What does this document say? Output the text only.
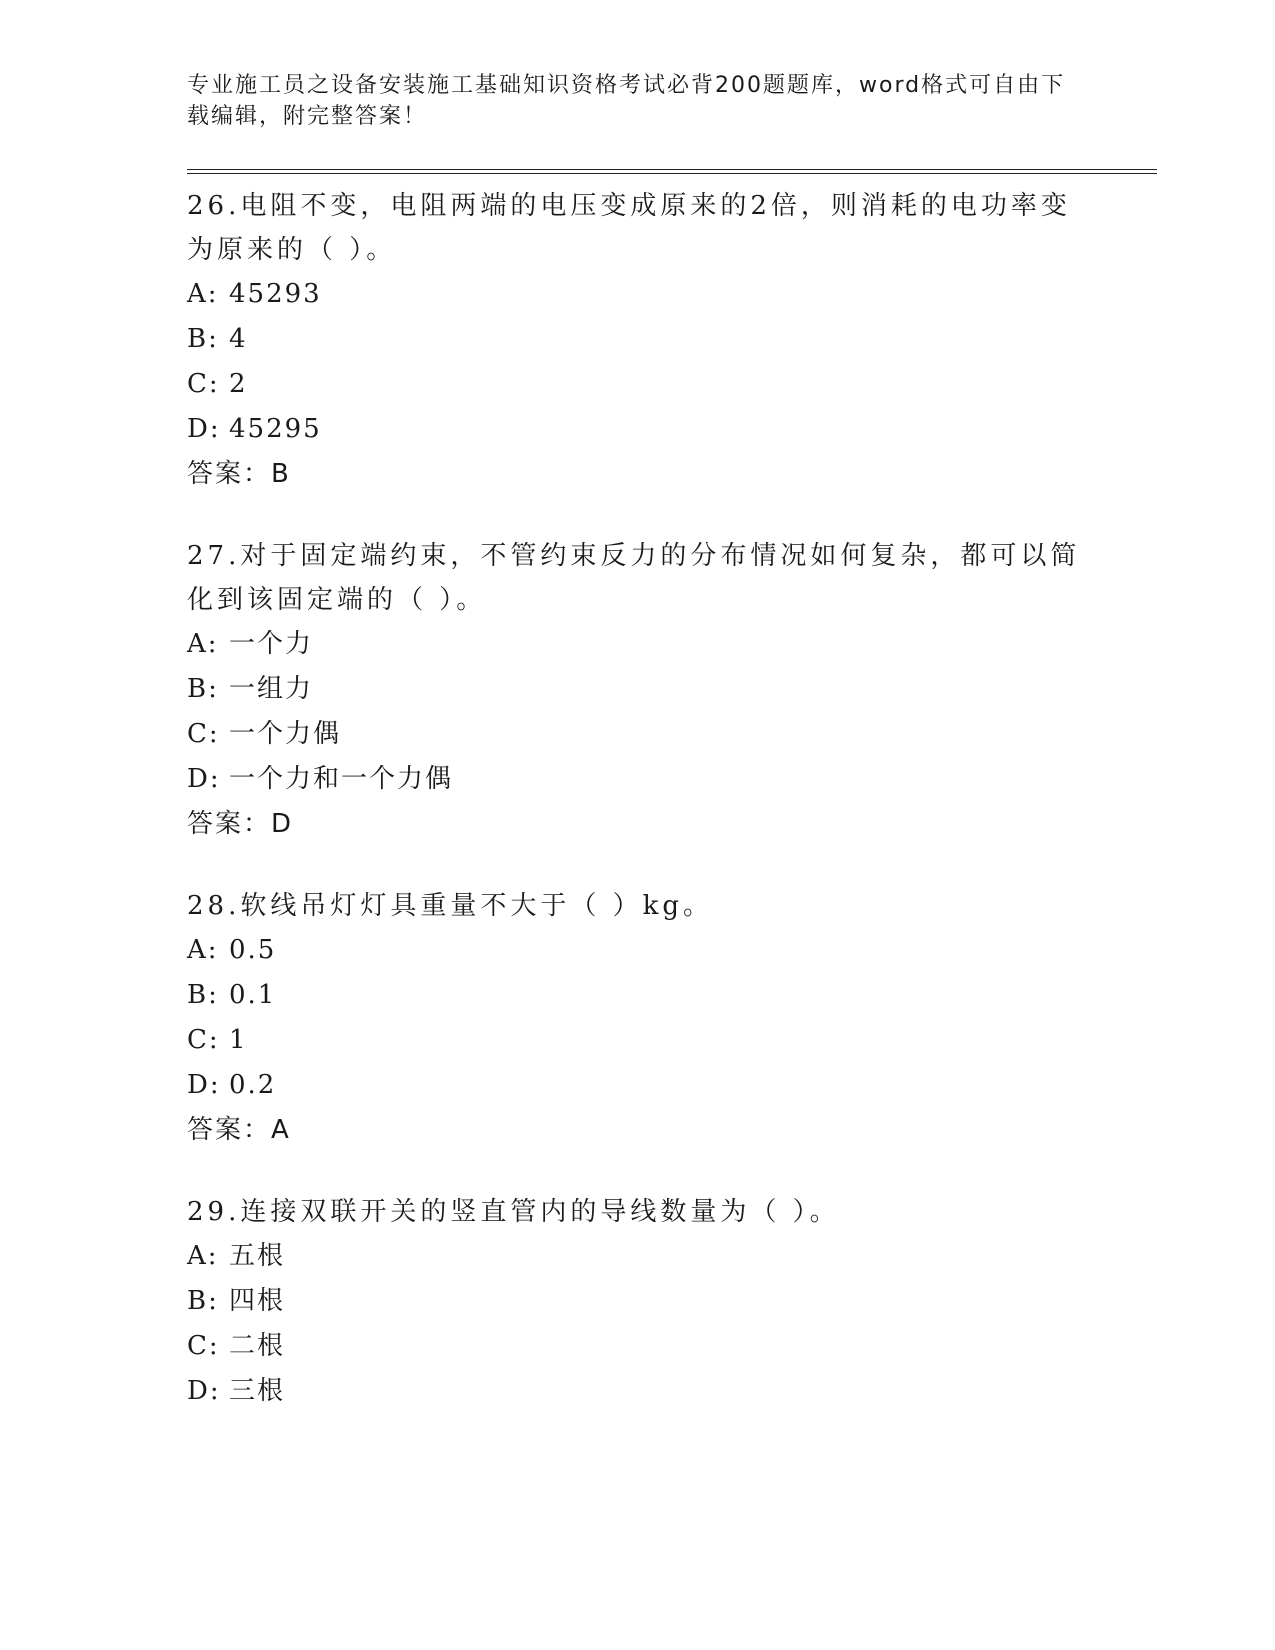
专业施工员之设备安装施工基础知识资格考试必背200题题库，word格式可自由下载编辑，附完整答案！

26.电阻不变，电阻两端的电压变成原来的2倍，则消耗的电功率变为原来的（ ）。

A: 45293

B: 4

C: 2

D: 45295

答案：B

27.对于固定端约束，不管约束反力的分布情况如何复杂，都可以简化到该固定端的（ ）。

A: 一个力

B: 一组力

C: 一个力偶

D: 一个力和一个力偶

答案：D

28.软线吊灯灯具重量不大于（ ）kg。

A: 0.5

B: 0.1

C: 1

D: 0.2

答案：A

29.连接双联开关的竖直管内的导线数量为（ ）。

A: 五根

B: 四根

C: 二根

D: 三根
